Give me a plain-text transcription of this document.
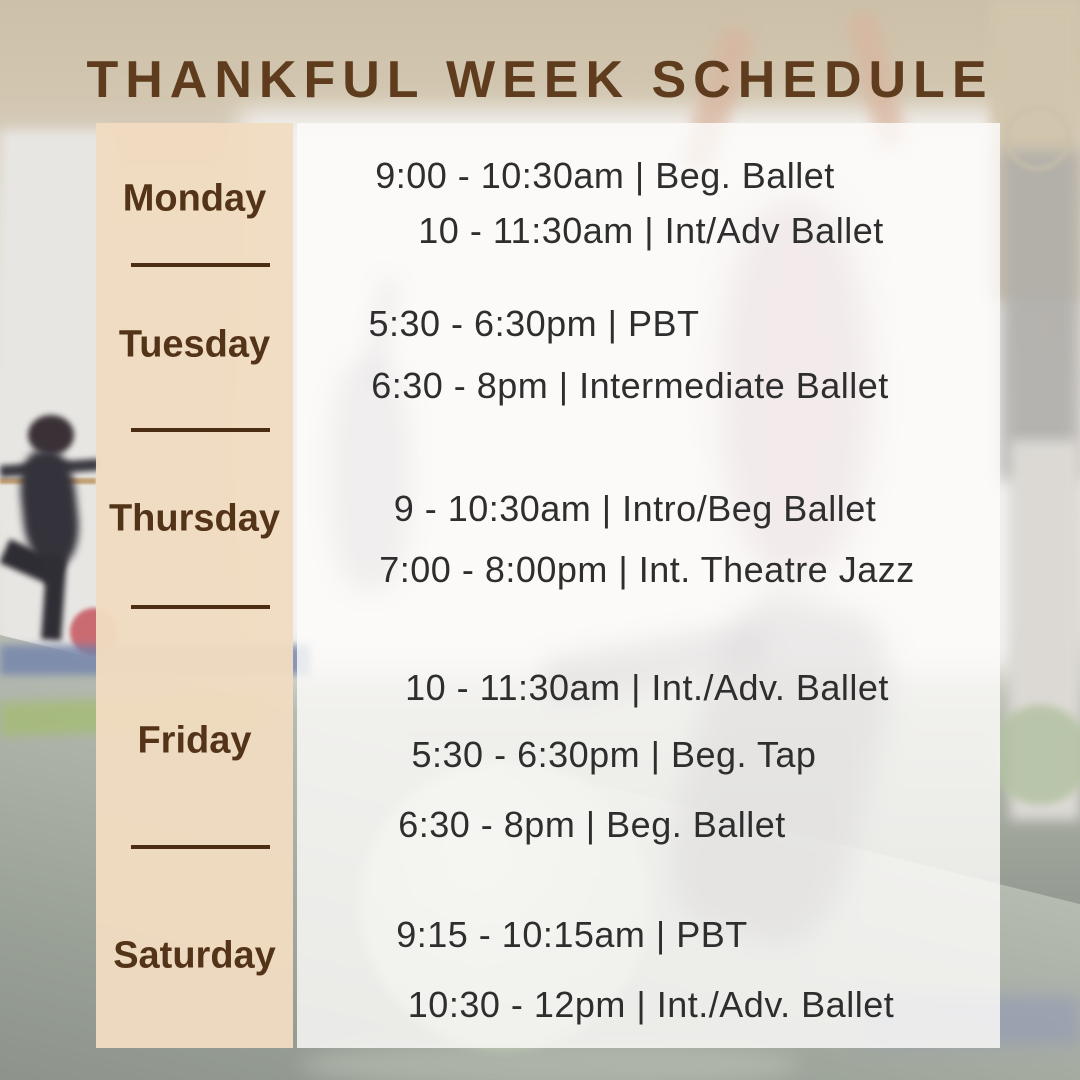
THANKFUL WEEK SCHEDULE
Monday
Tuesday
Thursday
Friday
Saturday
9:00 - 10:30am | Beg. Ballet
10 - 11:30am | Int/Adv Ballet
5:30 - 6:30pm | PBT
6:30 - 8pm | Intermediate Ballet
9 - 10:30am | Intro/Beg Ballet
7:00 - 8:00pm | Int. Theatre Jazz
10 - 11:30am | Int./Adv. Ballet
5:30 - 6:30pm | Beg. Tap
6:30 - 8pm | Beg. Ballet
9:15 - 10:15am | PBT
10:30 - 12pm | Int./Adv. Ballet
